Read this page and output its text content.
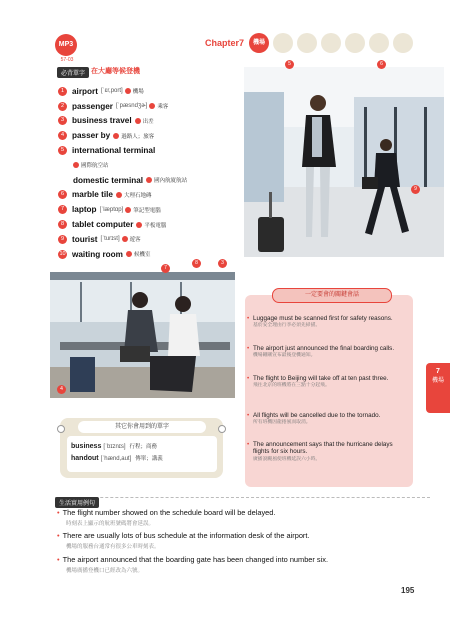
MP3
57-03
Chapter7	機場
必背單字 在大廳等候登機
1 airport [ˈɛr,port] 機場
2 passenger [ˈpæsndʒɚ] 乘客
3 business travel 出差
4 passer by 過路人；旅客
5 international terminal
國際航空站
domestic terminal 國內航廈航站
6 marble tile 大理石地磚
7 laptop [ˈlæptɑp] 筆記型電腦
8 tablet computer 平板電腦
9 tourist [ˈturɪst] 遊客
10 waiting room 候機室
5	6
9
7
8	3
4
• Luggage must be scanned first for safety reasons.
基於安全理由行李必須先掃描。
• The airport just announced the final boarding calls.
機場剛剛宣布最後登機通知。
• The flight to Beijing will take off at ten past three.
飛往北京的班機將在三點十分起飛。
• All flights will be cancelled due to the tornado.
所有班機因龍捲風而取消。
• The announcement says that the hurricane delays flights for six hours.
廣播說颶風使班機延誤六小時。
一定要會的關鍵會話
7
機場
其它你會用到的單字
business [ˈbɪznɪs] 行程；商務
handout [ˈhænd,aut] 傳單；講義
生活實用例句
• The flight number showed on the schedule board will be delayed.
時刻表上顯示的航班號碼將會延誤。
• There are usually lots of bus schedule at the information desk of the airport.
機場的服務台通常有很多公車時刻表。
• The airport announced that the boarding gate has been changed into number six.
機場廣播登機口已經改為六號。
195
